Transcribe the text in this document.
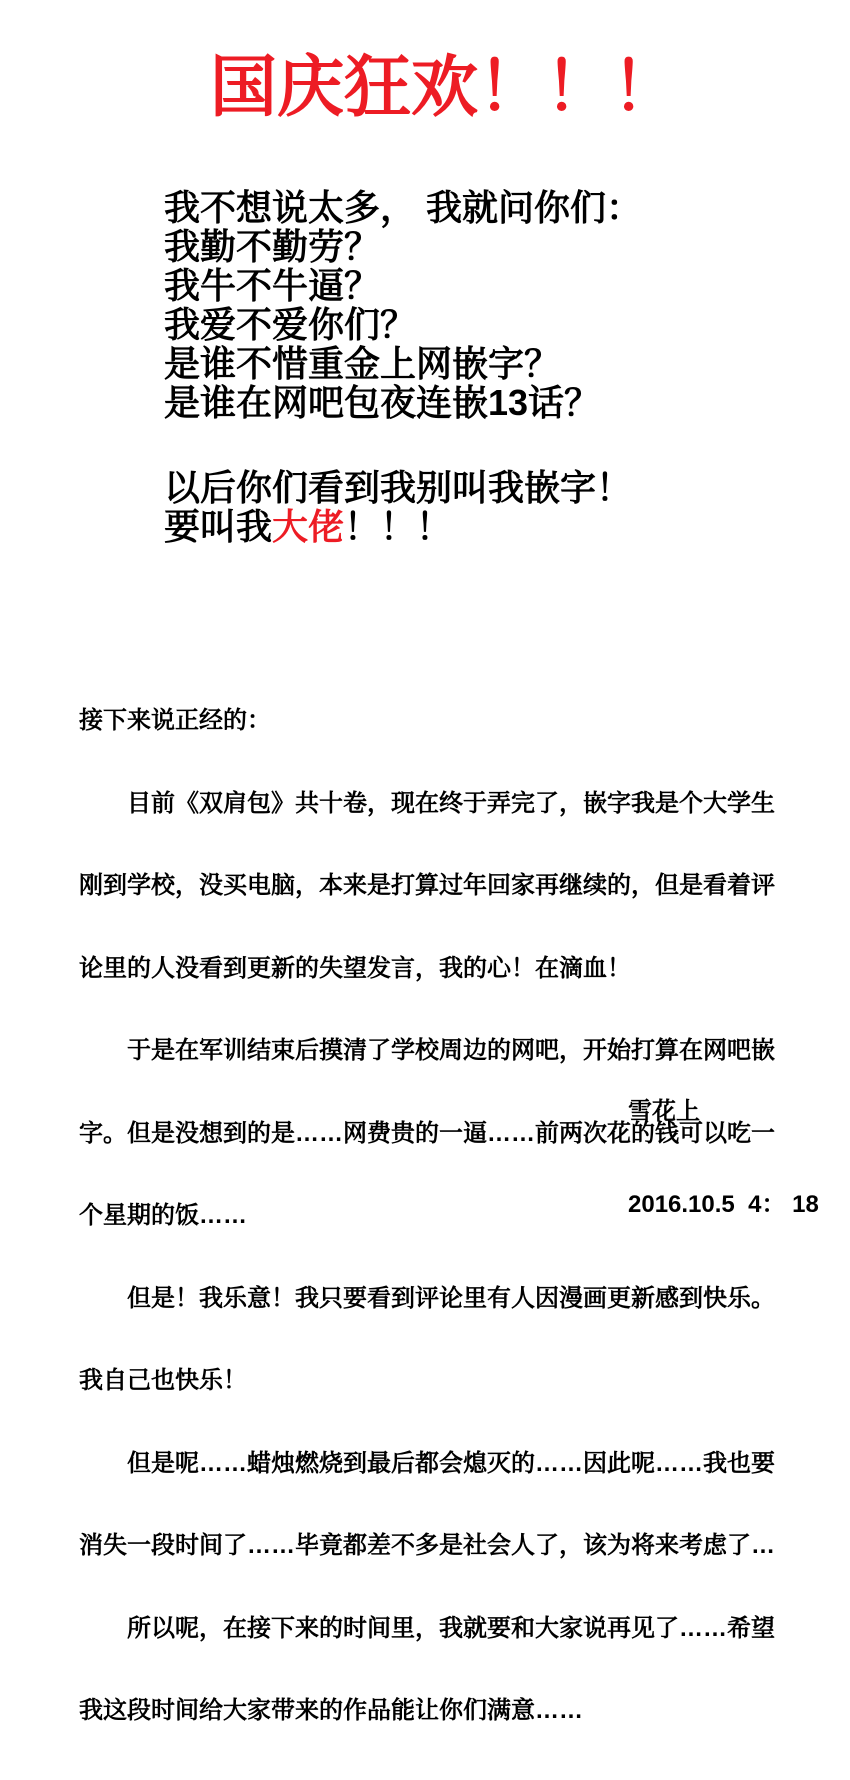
国庆狂欢！！！
我不想说太多， 我就问你们：
我勤不勤劳？
我牛不牛逼？
我爱不爱你们？
是谁不惜重金上网嵌字？
是谁在网吧包夜连嵌13话？
以后你们看到我别叫我嵌字！
要叫我大佬！！！

接下来说正经的：

　　目前《双肩包》共十卷，现在终于弄完了，嵌字我是个大学生

刚到学校，没买电脑，本来是打算过年回家再继续的，但是看着评

论里的人没看到更新的失望发言，我的心！在滴血！

　　于是在军训结束后摸清了学校周边的网吧，开始打算在网吧嵌

字。但是没想到的是……网费贵的一逼……前两次花的钱可以吃一

个星期的饭……

　　但是！我乐意！我只要看到评论里有人因漫画更新感到快乐。

我自己也快乐！

　　但是呢……蜡烛燃烧到最后都会熄灭的……因此呢……我也要

消失一段时间了……毕竟都差不多是社会人了，该为将来考虑了…

　　所以呢，在接下来的时间里，我就要和大家说再见了……希望

我这段时间给大家带来的作品能让你们满意……

雪花上

2016.10.5  4： 18
